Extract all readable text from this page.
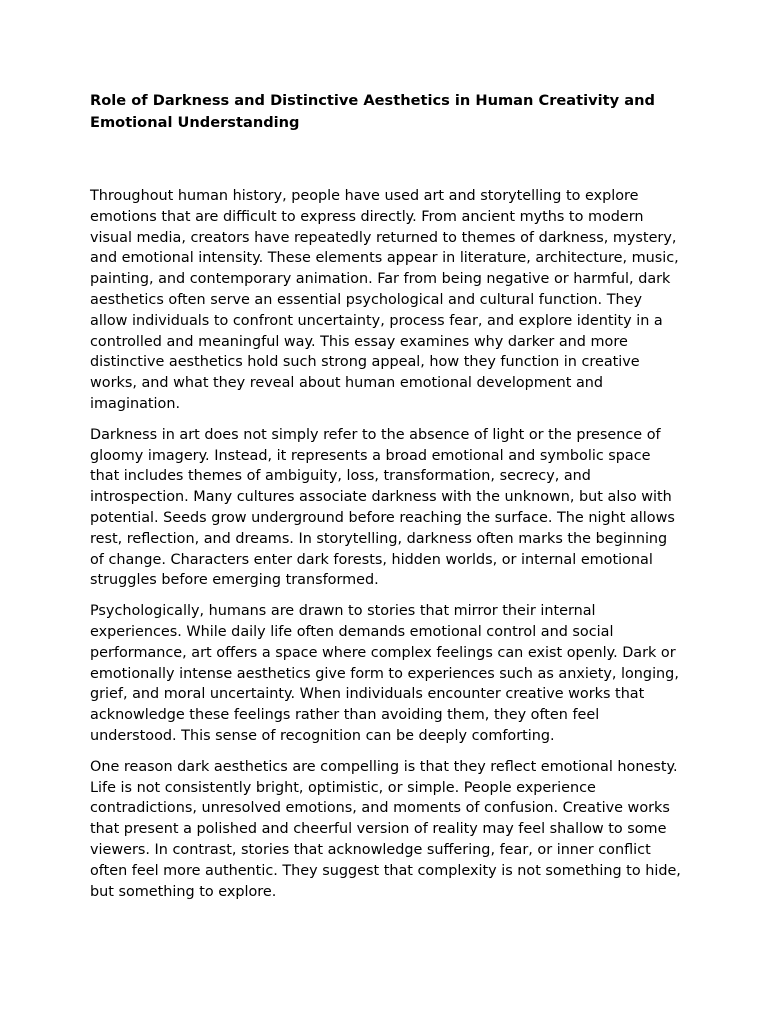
Role of Darkness and Distinctive Aesthetics in Human Creativity and Emotional Understanding

Throughout human history, people have used art and storytelling to explore emotions that are difficult to express directly. From ancient myths to modern visual media, creators have repeatedly returned to themes of darkness, mystery, and emotional intensity. These elements appear in literature, architecture, music, painting, and contemporary animation. Far from being negative or harmful, dark aesthetics often serve an essential psychological and cultural function. They allow individuals to confront uncertainty, process fear, and explore identity in a controlled and meaningful way. This essay examines why darker and more distinctive aesthetics hold such strong appeal, how they function in creative works, and what they reveal about human emotional development and imagination.

Darkness in art does not simply refer to the absence of light or the presence of gloomy imagery. Instead, it represents a broad emotional and symbolic space that includes themes of ambiguity, loss, transformation, secrecy, and introspection. Many cultures associate darkness with the unknown, but also with potential. Seeds grow underground before reaching the surface. The night allows rest, reflection, and dreams. In storytelling, darkness often marks the beginning of change. Characters enter dark forests, hidden worlds, or internal emotional struggles before emerging transformed.

Psychologically, humans are drawn to stories that mirror their internal experiences. While daily life often demands emotional control and social performance, art offers a space where complex feelings can exist openly. Dark or emotionally intense aesthetics give form to experiences such as anxiety, longing, grief, and moral uncertainty. When individuals encounter creative works that acknowledge these feelings rather than avoiding them, they often feel understood. This sense of recognition can be deeply comforting.

One reason dark aesthetics are compelling is that they reflect emotional honesty. Life is not consistently bright, optimistic, or simple. People experience contradictions, unresolved emotions, and moments of confusion. Creative works that present a polished and cheerful version of reality may feel shallow to some viewers. In contrast, stories that acknowledge suffering, fear, or inner conflict often feel more authentic. They suggest that complexity is not something to hide, but something to explore.
